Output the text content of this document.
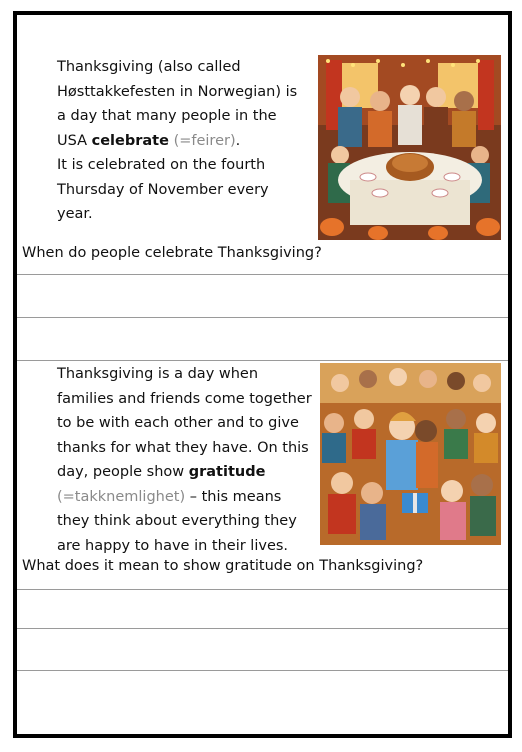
Thanksgiving (also called Høsttakkefesten in Norwegian) is a day that many people in the USA celebrate (=feirer).
It is celebrated on the fourth Thursday of November every year.
When do people celebrate Thanksgiving?
Thanksgiving is a day when families and friends come together to be with each other and to give thanks for what they have. On this day, people show gratitude (=takknemlighet) – this means they think about everything they are happy to have in their lives.
What does it mean to show gratitude on Thanksgiving?
